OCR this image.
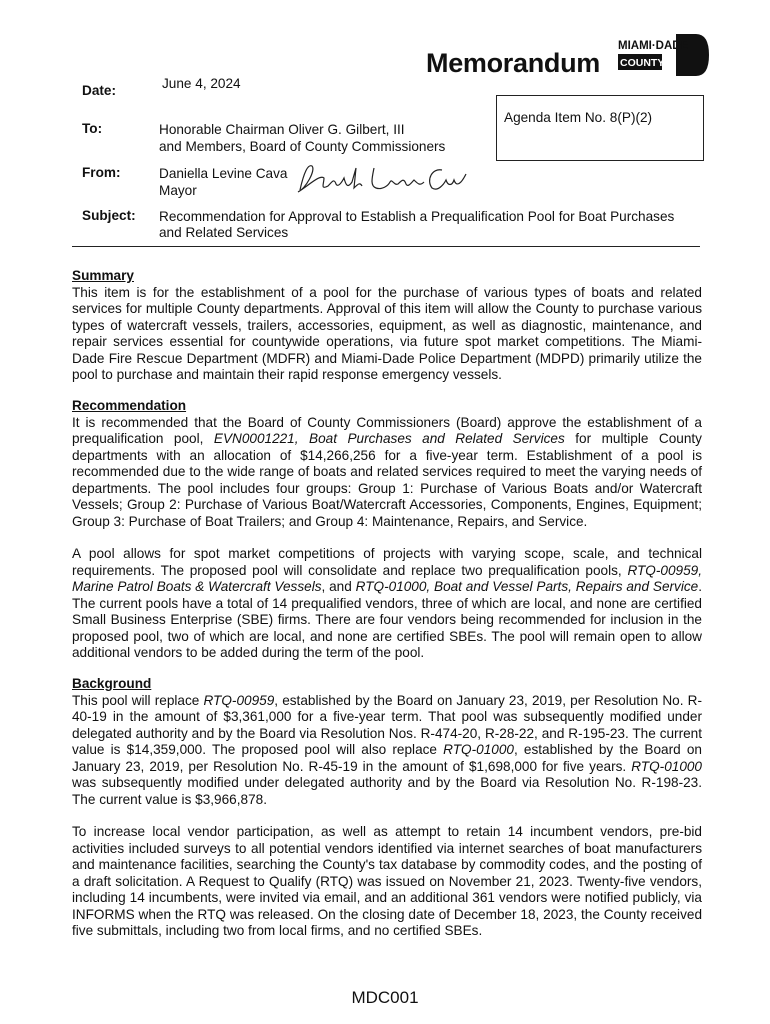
Memorandum
MIAMI·DADE
COUNTY
Date:	June 4, 2024
To:	Honorable Chairman Oliver G. Gilbert, III
and Members, Board of County Commissioners
From:	Daniella Levine Cava
Mayor
Subject: Recommendation for Approval to Establish a Prequalification Pool for Boat Purchases
and Related Services
Agenda Item No. 8(P)(2)

Summary

This item is for the establishment of a pool for the purchase of various types of boats and related services for multiple County departments. Approval of this item will allow the County to purchase various types of watercraft vessels, trailers, accessories, equipment, as well as diagnostic, maintenance, and repair services essential for countywide operations, via future spot market competitions. The Miami-Dade Fire Rescue Department (MDFR) and Miami-Dade Police Department (MDPD) primarily utilize the pool to purchase and maintain their rapid response emergency vessels.

Recommendation

It is recommended that the Board of County Commissioners (Board) approve the establishment of a prequalification pool, EVN0001221, Boat Purchases and Related Services for multiple County departments with an allocation of $14,266,256 for a five-year term. Establishment of a pool is recommended due to the wide range of boats and related services required to meet the varying needs of departments. The pool includes four groups: Group 1: Purchase of Various Boats and/or Watercraft Vessels; Group 2: Purchase of Various Boat/Watercraft Accessories, Components, Engines, Equipment; Group 3: Purchase of Boat Trailers; and Group 4: Maintenance, Repairs, and Service.

A pool allows for spot market competitions of projects with varying scope, scale, and technical requirements. The proposed pool will consolidate and replace two prequalification pools, RTQ-00959, Marine Patrol Boats & Watercraft Vessels, and RTQ-01000, Boat and Vessel Parts, Repairs and Service. The current pools have a total of 14 prequalified vendors, three of which are local, and none are certified Small Business Enterprise (SBE) firms. There are four vendors being recommended for inclusion in the proposed pool, two of which are local, and none are certified SBEs. The pool will remain open to allow additional vendors to be added during the term of the pool.

Background

This pool will replace RTQ-00959, established by the Board on January 23, 2019, per Resolution No. R-40-19 in the amount of $3,361,000 for a five-year term. That pool was subsequently modified under delegated authority and by the Board via Resolution Nos. R-474-20, R-28-22, and R-195-23. The current value is $14,359,000. The proposed pool will also replace RTQ-01000, established by the Board on January 23, 2019, per Resolution No. R-45-19 in the amount of $1,698,000 for five years. RTQ-01000 was subsequently modified under delegated authority and by the Board via Resolution No. R-198-23. The current value is $3,966,878.

To increase local vendor participation, as well as attempt to retain 14 incumbent vendors, pre-bid activities included surveys to all potential vendors identified via internet searches of boat manufacturers and maintenance facilities, searching the County's tax database by commodity codes, and the posting of a draft solicitation. A Request to Qualify (RTQ) was issued on November 21, 2023. Twenty-five vendors, including 14 incumbents, were invited via email, and an additional 361 vendors were notified publicly, via INFORMS when the RTQ was released. On the closing date of December 18, 2023, the County received five submittals, including two from local firms, and no certified SBEs.

MDC001
